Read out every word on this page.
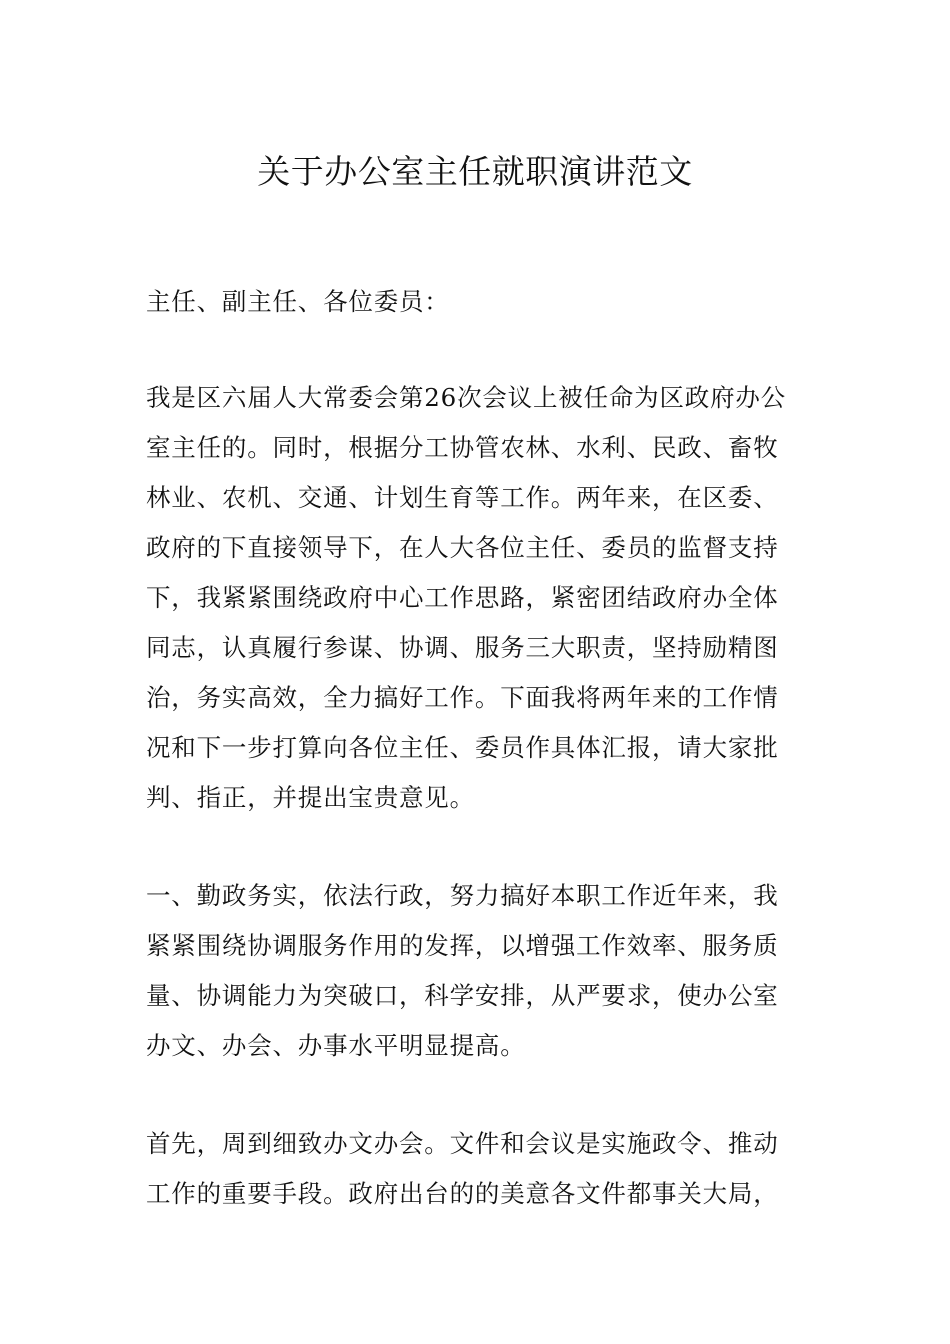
关于办公室主任就职演讲范文

主任、副主任、各位委员：

我是区六届人大常委会第26次会议上被任命为区政府办公
室主任的。同时，根据分工协管农林、水利、民政、畜牧
林业、农机、交通、计划生育等工作。两年来，在区委、
政府的下直接领导下，在人大各位主任、委员的监督支持
下，我紧紧围绕政府中心工作思路，紧密团结政府办全体
同志，认真履行参谋、协调、服务三大职责，坚持励精图
治，务实高效，全力搞好工作。下面我将两年来的工作情
况和下一步打算向各位主任、委员作具体汇报，请大家批
判、指正，并提出宝贵意见。

一、勤政务实，依法行政，努力搞好本职工作近年来，我
紧紧围绕协调服务作用的发挥，以增强工作效率、服务质
量、协调能力为突破口，科学安排，从严要求，使办公室
办文、办会、办事水平明显提高。

首先，周到细致办文办会。文件和会议是实施政令、推动
工作的重要手段。政府出台的的美意各文件都事关大局，
